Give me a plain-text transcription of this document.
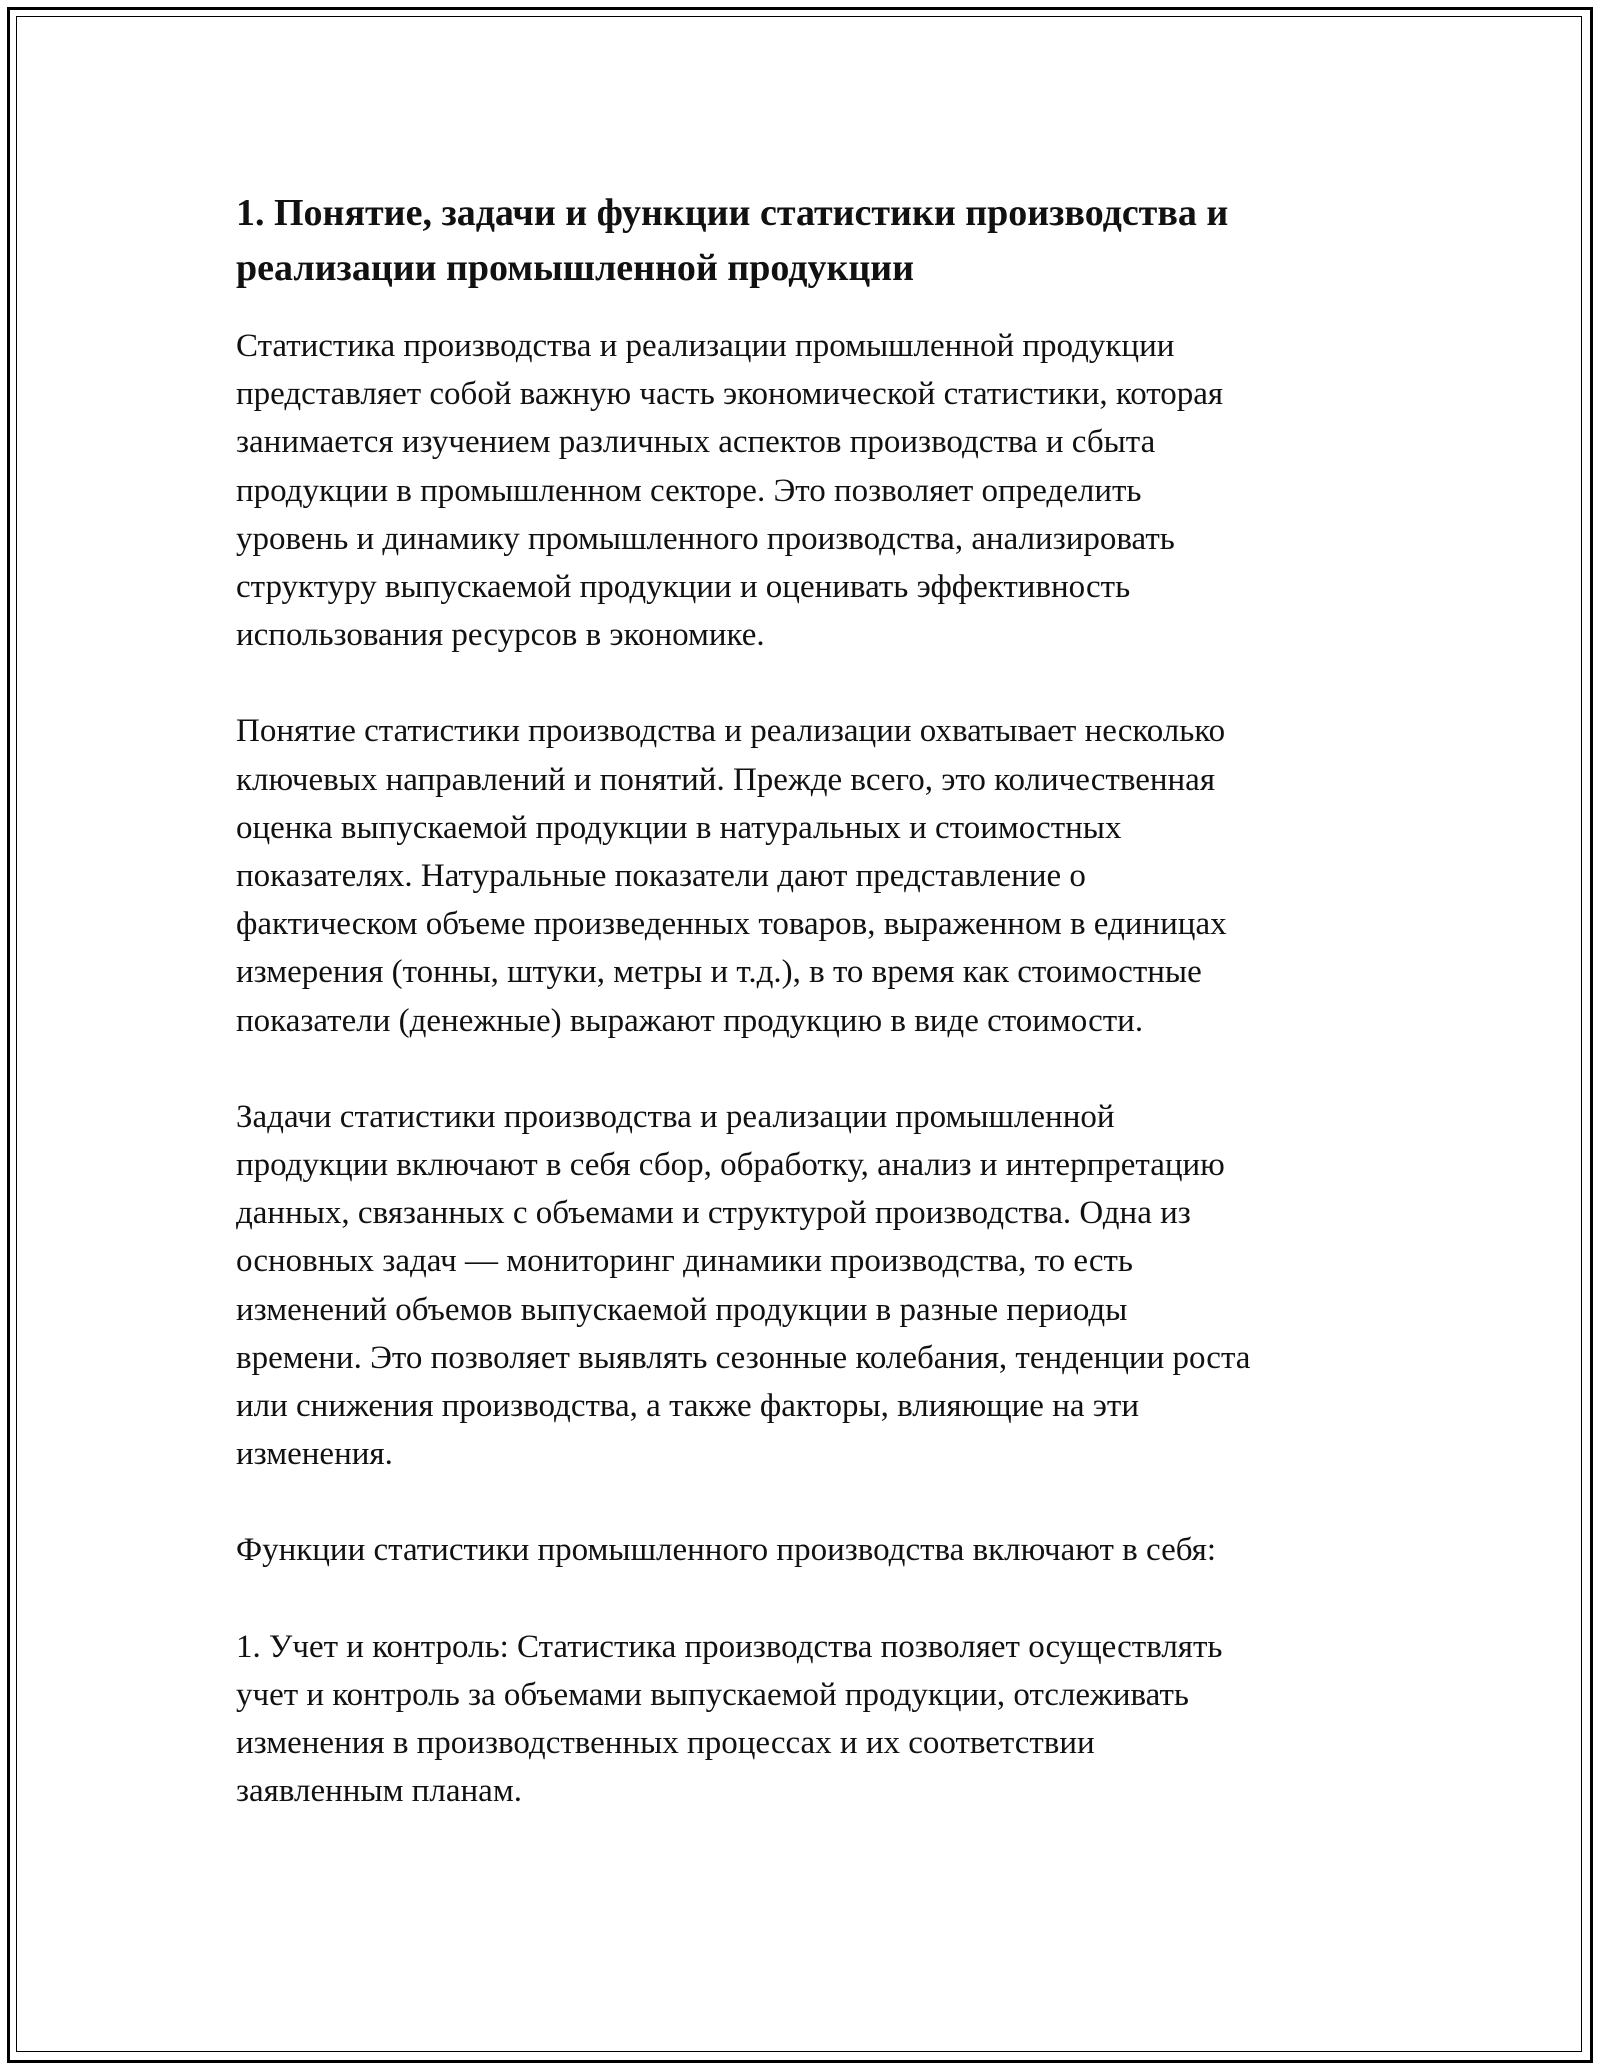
1. Понятие, задачи и функции статистики производства и реализации промышленной продукции

Статистика производства и реализации промышленной продукции
представляет собой важную часть экономической статистики, которая
занимается изучением различных аспектов производства и сбыта
продукции в промышленном секторе. Это позволяет определить
уровень и динамику промышленного производства, анализировать
структуру выпускаемой продукции и оценивать эффективность
использования ресурсов в экономике.

Понятие статистики производства и реализации охватывает несколько
ключевых направлений и понятий. Прежде всего, это количественная
оценка выпускаемой продукции в натуральных и стоимостных
показателях. Натуральные показатели дают представление о
фактическом объеме произведенных товаров, выраженном в единицах
измерения (тонны, штуки, метры и т.д.), в то время как стоимостные
показатели (денежные) выражают продукцию в виде стоимости.

Задачи статистики производства и реализации промышленной
продукции включают в себя сбор, обработку, анализ и интерпретацию
данных, связанных с объемами и структурой производства. Одна из
основных задач — мониторинг динамики производства, то есть
изменений объемов выпускаемой продукции в разные периоды
времени. Это позволяет выявлять сезонные колебания, тенденции роста
или снижения производства, а также факторы, влияющие на эти
изменения.

Функции статистики промышленного производства включают в себя:

1. Учет и контроль: Статистика производства позволяет осуществлять
учет и контроль за объемами выпускаемой продукции, отслеживать
изменения в производственных процессах и их соответствии
заявленным планам.
